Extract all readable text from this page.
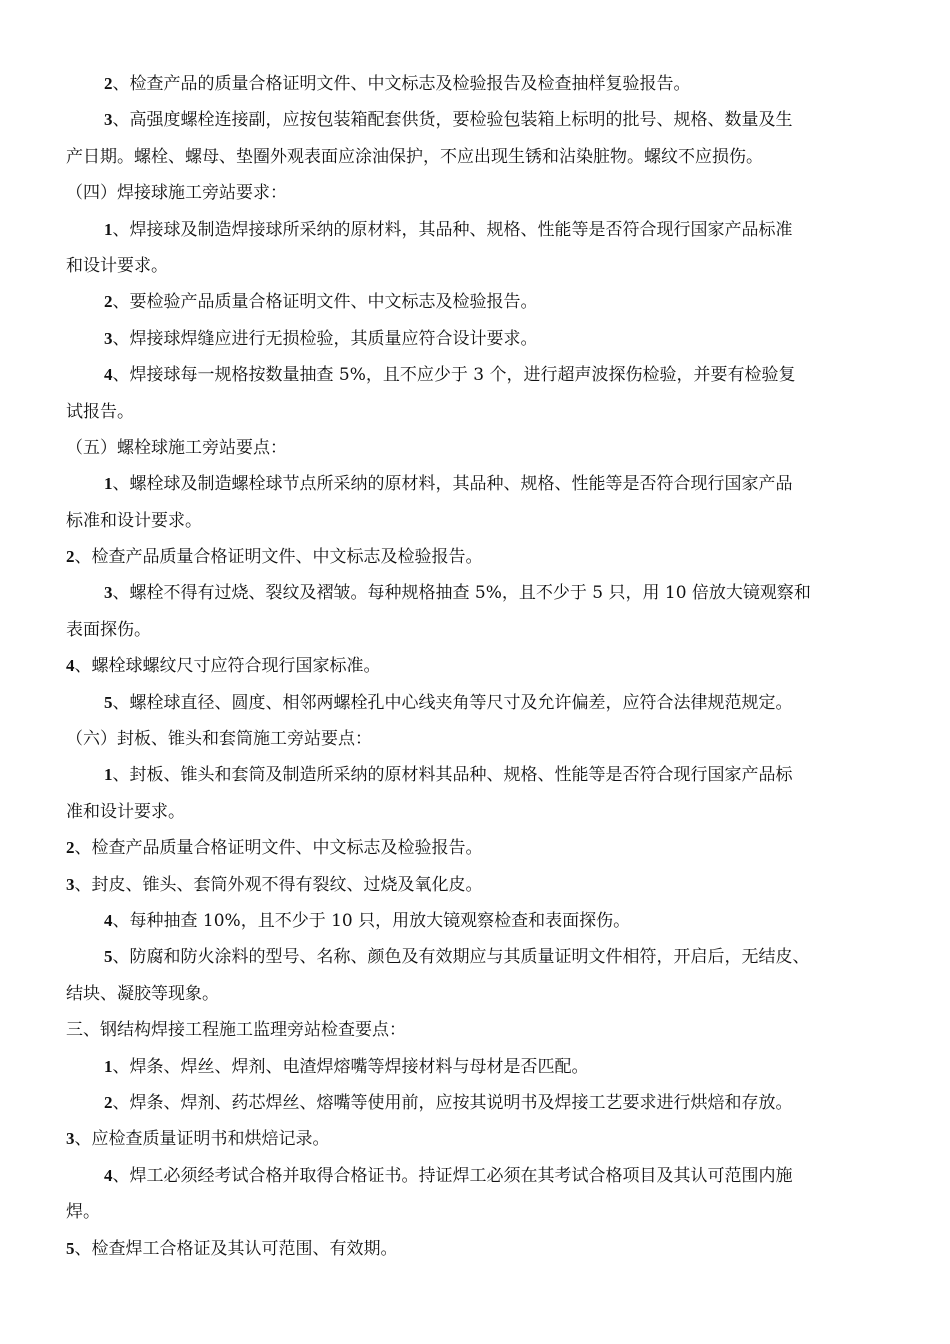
2、检查产品的质量合格证明文件、中文标志及检验报告及检查抽样复验报告。

3、高强度螺栓连接副，应按包装箱配套供货，要检验包装箱上标明的批号、规格、数量及生

产日期。螺栓、螺母、垫圈外观表面应涂油保护，不应出现生锈和沾染脏物。螺纹不应损伤。

（四）焊接球施工旁站要求：

1、焊接球及制造焊接球所采纳的原材料，其品种、规格、性能等是否符合现行国家产品标准

和设计要求。

2、要检验产品质量合格证明文件、中文标志及检验报告。

3、焊接球焊缝应进行无损检验，其质量应符合设计要求。

4、焊接球每一规格按数量抽查 5%，且不应少于 3 个，进行超声波探伤检验，并要有检验复

试报告。

（五）螺栓球施工旁站要点：

1、螺栓球及制造螺栓球节点所采纳的原材料，其品种、规格、性能等是否符合现行国家产品

标准和设计要求。

2、检查产品质量合格证明文件、中文标志及检验报告。

3、螺栓不得有过烧、裂纹及褶皱。每种规格抽查 5%，且不少于 5 只，用 10 倍放大镜观察和

表面探伤。

4、螺栓球螺纹尺寸应符合现行国家标准。

5、螺栓球直径、圆度、相邻两螺栓孔中心线夹角等尺寸及允许偏差，应符合法律规范规定。

（六）封板、锥头和套筒施工旁站要点：

1、封板、锥头和套筒及制造所采纳的原材料其品种、规格、性能等是否符合现行国家产品标

准和设计要求。

2、检查产品质量合格证明文件、中文标志及检验报告。

3、封皮、锥头、套筒外观不得有裂纹、过烧及氧化皮。

4、每种抽查 10%，且不少于 10 只，用放大镜观察检查和表面探伤。

5、防腐和防火涂料的型号、名称、颜色及有效期应与其质量证明文件相符，开启后，无结皮、

结块、凝胶等现象。

三、钢结构焊接工程施工监理旁站检查要点：

1、焊条、焊丝、焊剂、电渣焊熔嘴等焊接材料与母材是否匹配。

2、焊条、焊剂、药芯焊丝、熔嘴等使用前，应按其说明书及焊接工艺要求进行烘焙和存放。

3、应检查质量证明书和烘焙记录。

4、焊工必须经考试合格并取得合格证书。持证焊工必须在其考试合格项目及其认可范围内施

焊。

5、检查焊工合格证及其认可范围、有效期。
